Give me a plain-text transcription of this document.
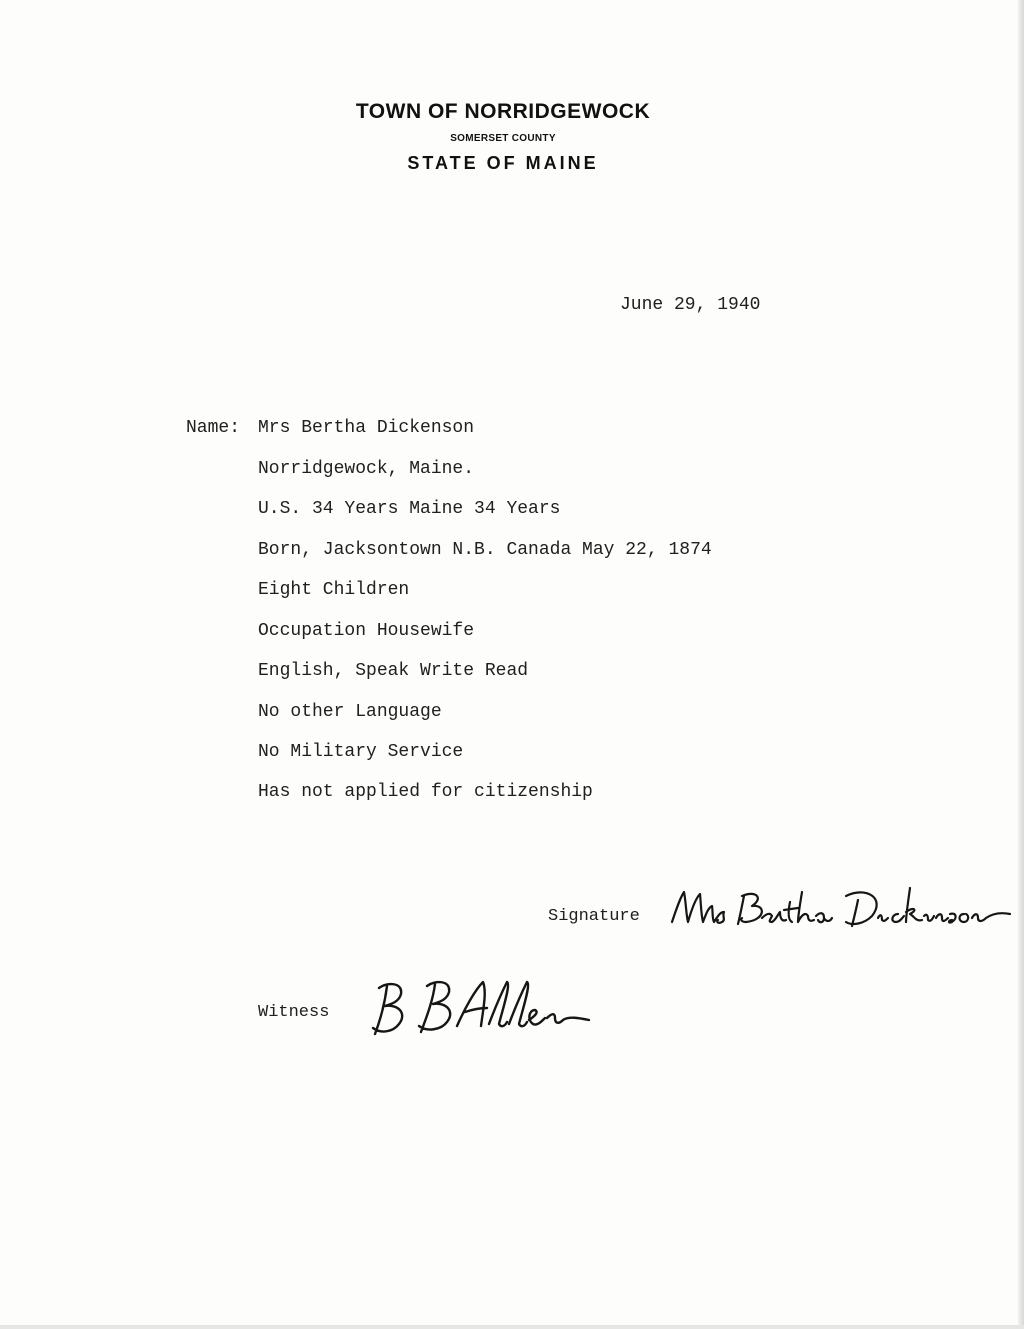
TOWN OF NORRIDGEWOCK
SOMERSET COUNTY
STATE OF MAINE
June 29, 1940
Name: Mrs Bertha Dickenson
Norridgewock, Maine.
U.S. 34 Years Maine 34 Years
Born, Jacksontown N.B. Canada May 22, 1874
Eight Children
Occupation Housewife
English, Speak Write Read
No other Language
No Military Service
Has not applied for citizenship
Signature
Witness
